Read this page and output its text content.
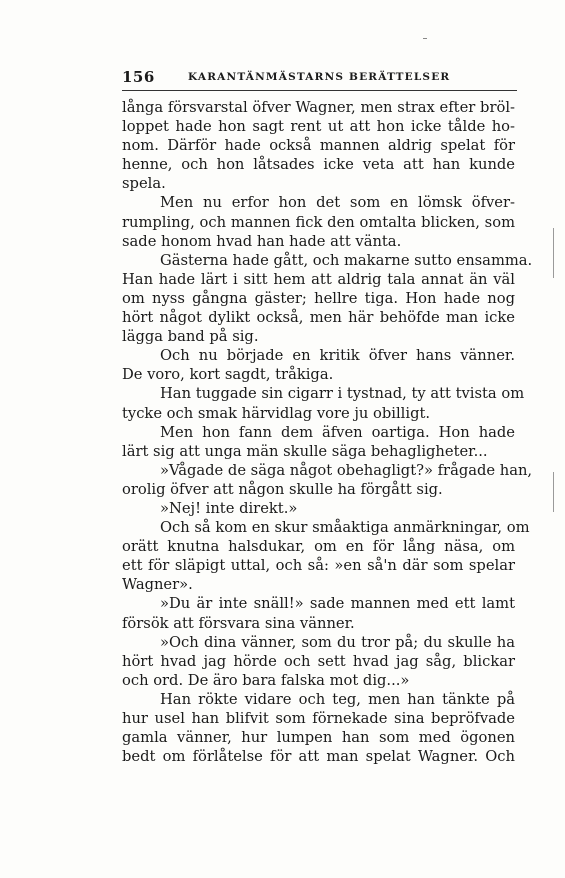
156	KARANTÄNMÄSTARNS BERÄTTELSER
långa försvarstal öfver Wagner, men strax efter bröl-
loppet hade hon sagt rent ut att hon icke tålde ho-
nom. Därför hade också mannen aldrig spelat för
henne, och hon låtsades icke veta att han kunde
spela.
Men nu erfor hon det som en lömsk öfver-
rumpling, och mannen fick den omtalta blicken, som
sade honom hvad han hade att vänta.
Gästerna hade gått, och makarne sutto ensamma.
Han hade lärt i sitt hem att aldrig tala annat än väl
om nyss gångna gäster; hellre tiga. Hon hade nog
hört något dylikt också, men här behöfde man icke
lägga band på sig.
Och nu började en kritik öfver hans vänner.
De voro, kort sagdt, tråkiga.
Han tuggade sin cigarr i tystnad, ty att tvista om
tycke och smak härvidlag vore ju obilligt.
Men hon fann dem äfven oartiga. Hon hade
lärt sig att unga män skulle säga behagligheter...
»Vågade de säga något obehagligt?» frågade han,
orolig öfver att någon skulle ha förgått sig.
»Nej! inte direkt.»
Och så kom en skur småaktiga anmärkningar, om
orätt knutna halsdukar, om en för lång näsa, om
ett för släpigt uttal, och så: »en så'n där som spelar
Wagner».
»Du är inte snäll!» sade mannen med ett lamt
försök att försvara sina vänner.
»Och dina vänner, som du tror på; du skulle ha
hört hvad jag hörde och sett hvad jag såg, blickar
och ord. De äro bara falska mot dig...»
Han rökte vidare och teg, men han tänkte på
hur usel han blifvit som förnekade sina bepröfvade
gamla vänner, hur lumpen han som med ögonen
bedt om förlåtelse för att man spelat Wagner. Och
